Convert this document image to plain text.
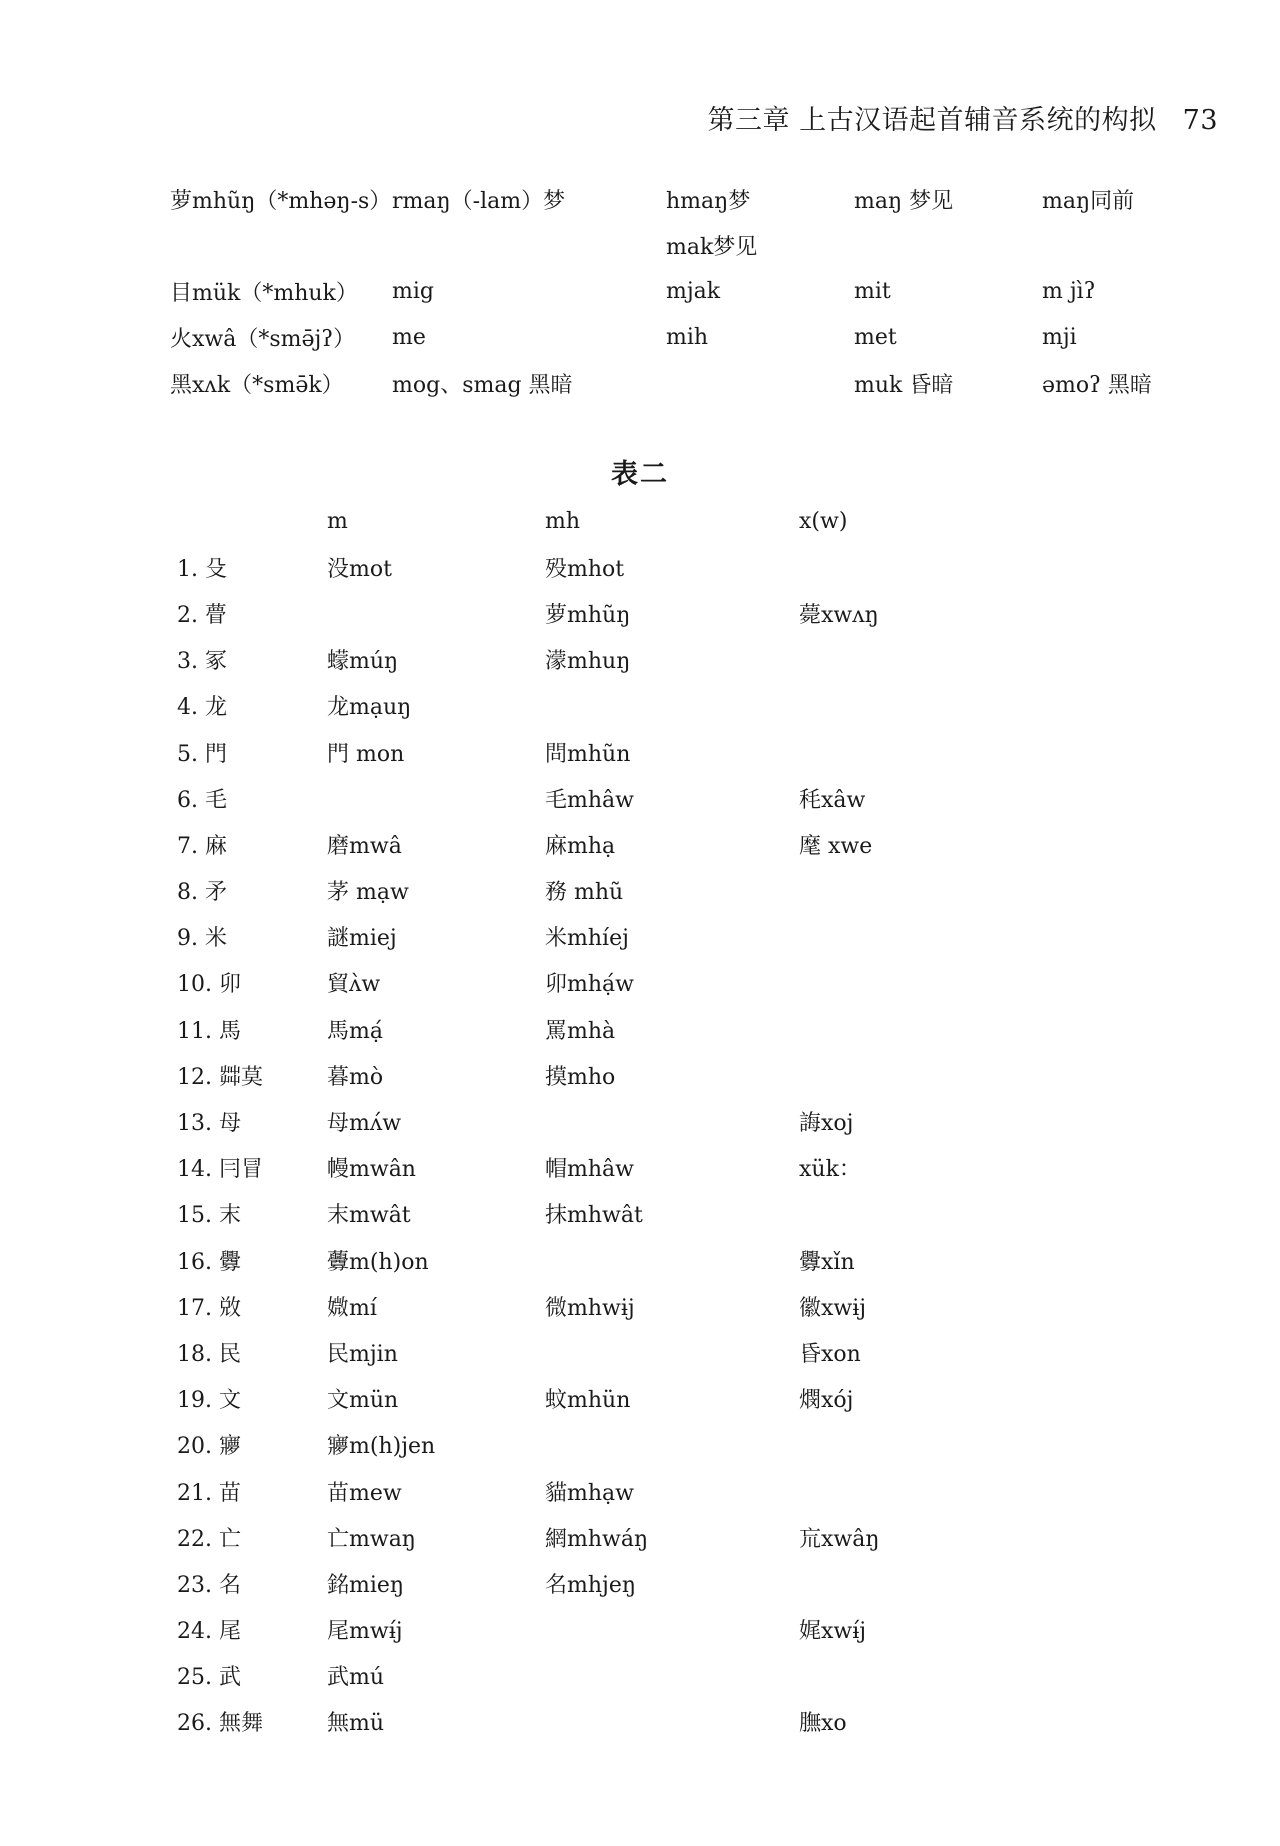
第三章 上古汉语起首辅音系统的构拟 73
萝mhũŋ（*mhəŋ-s）	rmaŋ（-lam）梦	hmaŋ梦	maŋ 梦见	maŋ同前
		mak梦见		
目mük（*mhuk）	mig	mjak	mit	m jìʔ
火xwâ（*smə̄jʔ）	me	mih	met	mji
黑xʌk（*smə̄k）	mog、smag 黑暗		muk 昏暗	əmoʔ 黑暗
表二
	m	mh	x(w)
1. 殳	没mot	殁mhot	
2. 瞢		萝mhũŋ	薨xwʌŋ
3. 冢	蠓múŋ	濛mhuŋ	
4. 龙	龙mạuŋ		
5. 門	門 mon	問mhũn	
6. 毛		毛mhâw	秏xâw
7. 麻	磨mwâ	麻mhạ	麾 xwe
8. 矛	茅 mạw	務 mhũ	
9. 米	謎miej	米mhíej	
10. 卯	貿ʌ̀w	卯mhạ́w	
11. 馬	馬mạ́	罵mhà	
12. 茻莫	暮mò	摸mho	
13. 母	母mʌ́w		誨xoj
14. 冃冒	幔mwân	帽mhâw	xük：
15. 末	末mwât	抹mhwât	
16. 釁	虋m(h)on		釁xǐn
17. 敚	媺mí	微mhwɨj	徽xwɨj
18. 民	民mjin		昏xon
19. 文	文mün	蚊mhün	燘xój
20. 㝱	㝱m(h)jen		
21. 苗	苗mew	貓mhạw	
22. 亡	亡mwaŋ	網mhwáŋ	巟xwâŋ
23. 名	銘mieŋ	名mhjeŋ	
24. 尾	尾mwɨ́j		娓xwɨ́j
25. 武	武mú		
26. 無舞	無mü		膴xo
